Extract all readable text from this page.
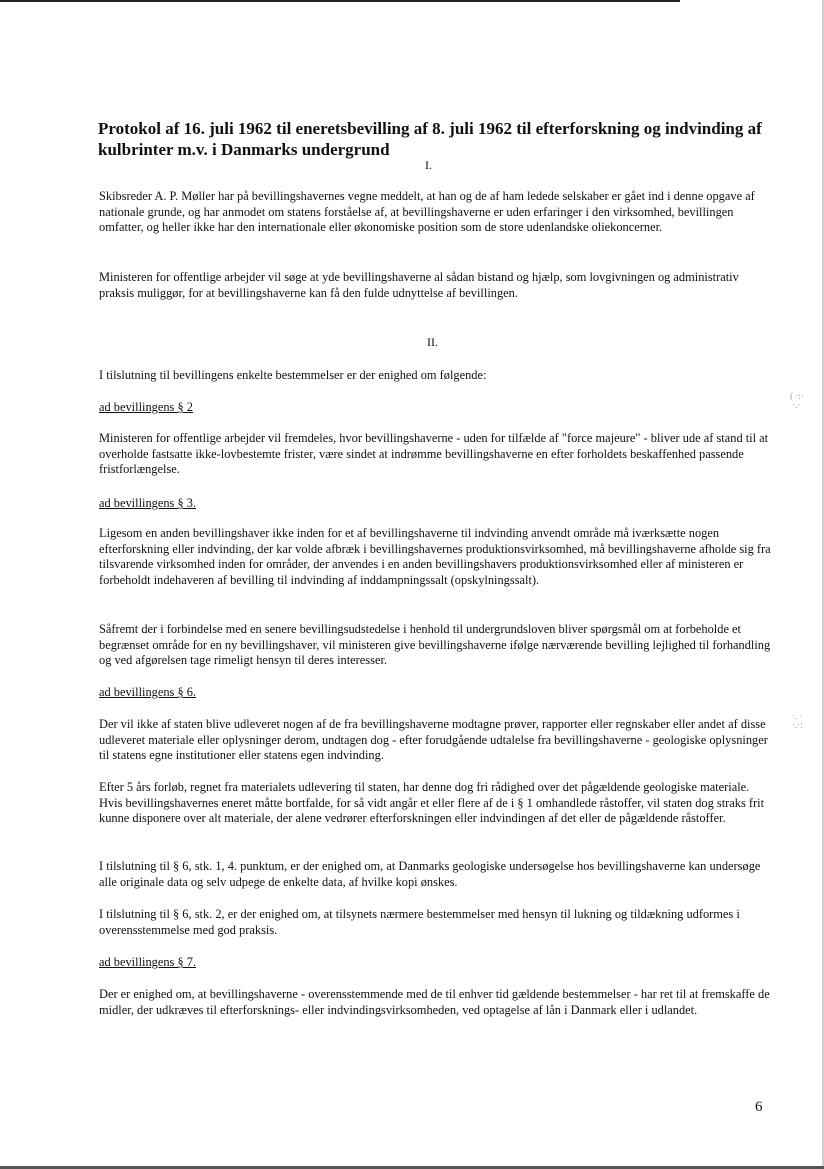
( ·:·
·.·
·. ·
·.·:
Protokol af 16. juli 1962 til eneretsbevilling af 8. juli 1962 til efterforskning og indvinding af kulbrinter m.v. i Danmarks undergrund

I.

Skibsreder A. P. Møller har på bevillingshavernes vegne meddelt, at han og de af ham ledede selskaber er gået ind i denne opgave af nationale grunde, og har anmodet om statens forståelse af, at bevillingshaverne er uden erfaringer i den virksomhed, bevillingen omfatter, og heller ikke har den internationale eller økonomiske position som de store udenlandske oliekoncerner.

Ministeren for offentlige arbejder vil søge at yde bevillingshaverne al sådan bistand og hjælp, som lovgivningen og administrativ praksis muliggør, for at bevillingshaverne kan få den fulde udnyttelse af bevillingen.

II.

I tilslutning til bevillingens enkelte bestemmelser er der enighed om følgende:

ad bevillingens § 2

Ministeren for offentlige arbejder vil fremdeles, hvor bevillingshaverne - uden for tilfælde af "force majeure" - bliver ude af stand til at overholde fastsatte ikke-lovbestemte frister, være sindet at indrømme bevillingshaverne en efter forholdets beskaffenhed passende fristforlængelse.

ad bevillingens § 3.

Ligesom en anden bevillingshaver ikke inden for et af bevillingshaverne til indvinding anvendt område må iværksætte nogen efterforskning eller indvinding, der kar volde afbræk i bevillingshavernes produktionsvirksomhed, må bevillingshaverne afholde sig fra tilsvarende virksomhed inden for områder, der anvendes i en anden bevillingshavers produktionsvirksomhed eller af ministeren er forbeholdt indehaveren af bevilling til indvinding af inddampningssalt (opskylningssalt).

Såfremt der i forbindelse med en senere bevillingsudstedelse i henhold til undergrundsloven bliver spørgsmål om at forbeholde et begrænset område for en ny bevillingshaver, vil ministeren give bevillingshaverne ifølge nærværende bevilling lejlighed til forhandling og ved afgørelsen tage rimeligt hensyn til deres interesser.

ad bevillingens § 6.

Der vil ikke af staten blive udleveret nogen af de fra bevillingshaverne modtagne prøver, rapporter eller regnskaber eller andet af disse udleveret materiale eller oplysninger derom, undtagen dog - efter forudgående udtalelse fra bevillingshaverne - geologiske oplysninger til statens egne institutioner eller statens egen indvinding.

Efter 5 års forløb, regnet fra materialets udlevering til staten, har denne dog fri rådighed over det pågældende geologiske materiale. Hvis bevillingshavernes eneret måtte bortfalde, for så vidt angår et eller flere af de i § 1 omhandlede råstoffer, vil staten dog straks frit kunne disponere over alt materiale, der alene vedrører efterforskningen eller indvindingen af det eller de pågældende råstoffer.

I tilslutning til § 6, stk. 1, 4. punktum, er der enighed om, at Danmarks geologiske undersøgelse hos bevillingshaverne kan undersøge alle originale data og selv udpege de enkelte data, af hvilke kopi ønskes.

I tilslutning til § 6, stk. 2, er der enighed om, at tilsynets nærmere bestemmelser med hensyn til lukning og tildækning udformes i overensstemmelse med god praksis.

ad bevillingens § 7.

Der er enighed om, at bevillingshaverne - overensstemmende med de til enhver tid gældende bestemmelser - har ret til at fremskaffe de midler, der udkræves til efterforsknings- eller indvindingsvirksomheden, ved optagelse af lån i Danmark eller i udlandet.

6
